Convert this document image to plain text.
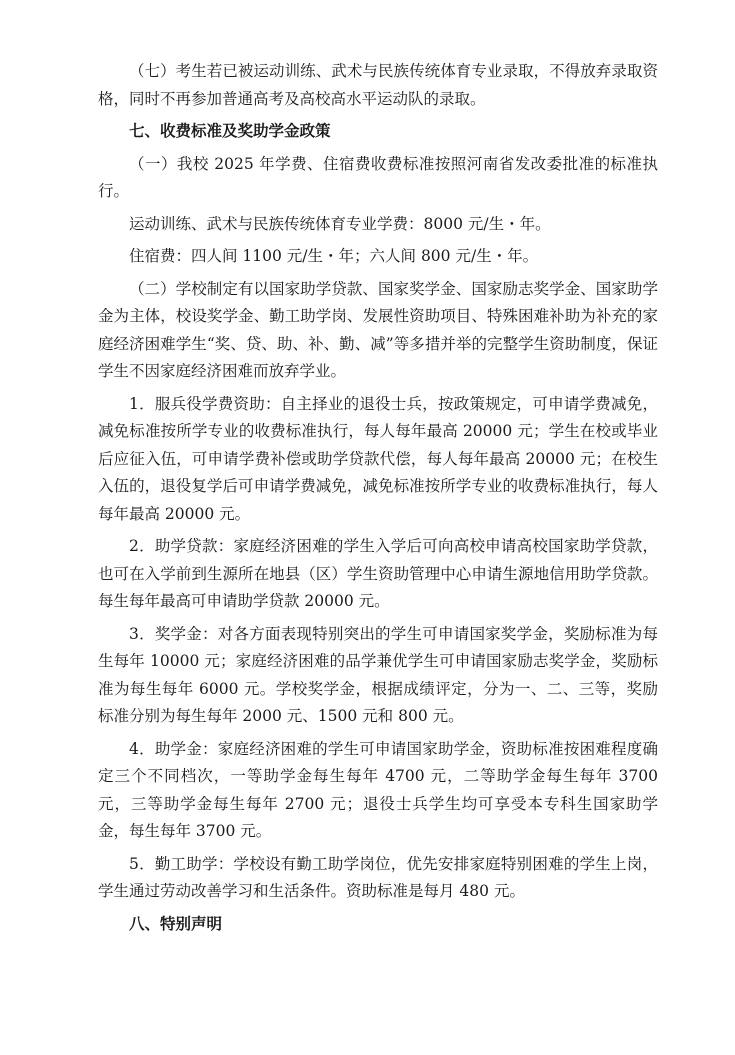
（七）考生若已被运动训练、武术与民族传统体育专业录取，不得放弃录取资格，同时不再参加普通高考及高校高水平运动队的录取。

七、收费标准及奖助学金政策

（一）我校 2025 年学费、住宿费收费标准按照河南省发改委批准的标准执行。

运动训练、武术与民族传统体育专业学费：8000 元/生・年。

住宿费：四人间 1100 元/生・年；六人间 800 元/生・年。

（二）学校制定有以国家助学贷款、国家奖学金、国家励志奖学金、国家助学金为主体，校设奖学金、勤工助学岗、发展性资助项目、特殊困难补助为补充的家庭经济困难学生“奖、贷、助、补、勤、减”等多措并举的完整学生资助制度，保证学生不因家庭经济困难而放弃学业。

1．服兵役学费资助：自主择业的退役士兵，按政策规定，可申请学费减免，减免标准按所学专业的收费标准执行，每人每年最高 20000 元；学生在校或毕业后应征入伍，可申请学费补偿或助学贷款代偿，每人每年最高 20000 元；在校生入伍的，退役复学后可申请学费减免，减免标准按所学专业的收费标准执行，每人每年最高 20000 元。

2．助学贷款：家庭经济困难的学生入学后可向高校申请高校国家助学贷款，也可在入学前到生源所在地县（区）学生资助管理中心申请生源地信用助学贷款。每生每年最高可申请助学贷款 20000 元。

3．奖学金：对各方面表现特别突出的学生可申请国家奖学金，奖励标准为每生每年 10000 元；家庭经济困难的品学兼优学生可申请国家励志奖学金，奖励标准为每生每年 6000 元。学校奖学金，根据成绩评定，分为一、二、三等，奖励标准分别为每生每年 2000 元、1500 元和 800 元。

4．助学金：家庭经济困难的学生可申请国家助学金，资助标准按困难程度确定三个不同档次，一等助学金每生每年 4700 元，二等助学金每生每年 3700 元，三等助学金每生每年 2700 元；退役士兵学生均可享受本专科生国家助学金，每生每年 3700 元。

5．勤工助学：学校设有勤工助学岗位，优先安排家庭特别困难的学生上岗，学生通过劳动改善学习和生活条件。资助标准是每月 480 元。

八、特别声明
